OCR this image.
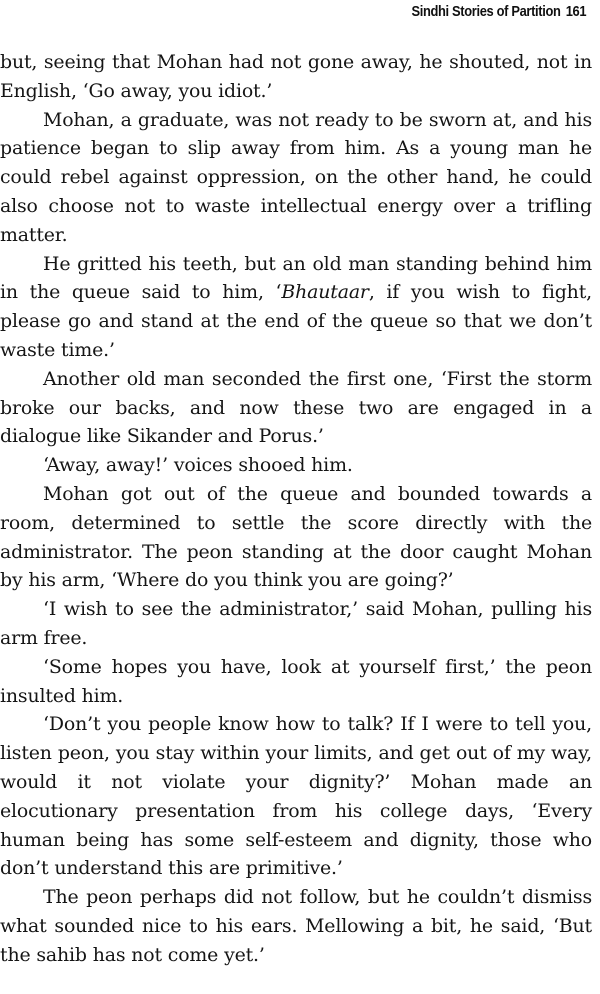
Sindhi Stories of Partition 161

but, seeing that Mohan had not gone away, he shouted, not in English, ‘Go away, you idiot.’

Mohan, a graduate, was not ready to be sworn at, and his patience began to slip away from him. As a young man he could rebel against oppression, on the other hand, he could also choose not to waste intellectual energy over a trifling matter.

He gritted his teeth, but an old man standing behind him in the queue said to him, ‘Bhautaar, if you wish to fight, please go and stand at the end of the queue so that we don’t waste time.’

Another old man seconded the first one, ‘First the storm broke our backs, and now these two are engaged in a dialogue like Sikander and Porus.’

‘Away, away!’ voices shooed him.

Mohan got out of the queue and bounded towards a room, determined to settle the score directly with the administrator. The peon standing at the door caught Mohan by his arm, ‘Where do you think you are going?’

‘I wish to see the administrator,’ said Mohan, pulling his arm free.

‘Some hopes you have, look at yourself first,’ the peon insulted him.

‘Don’t you people know how to talk? If I were to tell you, listen peon, you stay within your limits, and get out of my way, would it not violate your dignity?’ Mohan made an elocutionary presentation from his college days, ‘Every human being has some self-esteem and dignity, those who don’t understand this are primitive.’

The peon perhaps did not follow, but he couldn’t dismiss what sounded nice to his ears. Mellowing a bit, he said, ‘But the sahib has not come yet.’
